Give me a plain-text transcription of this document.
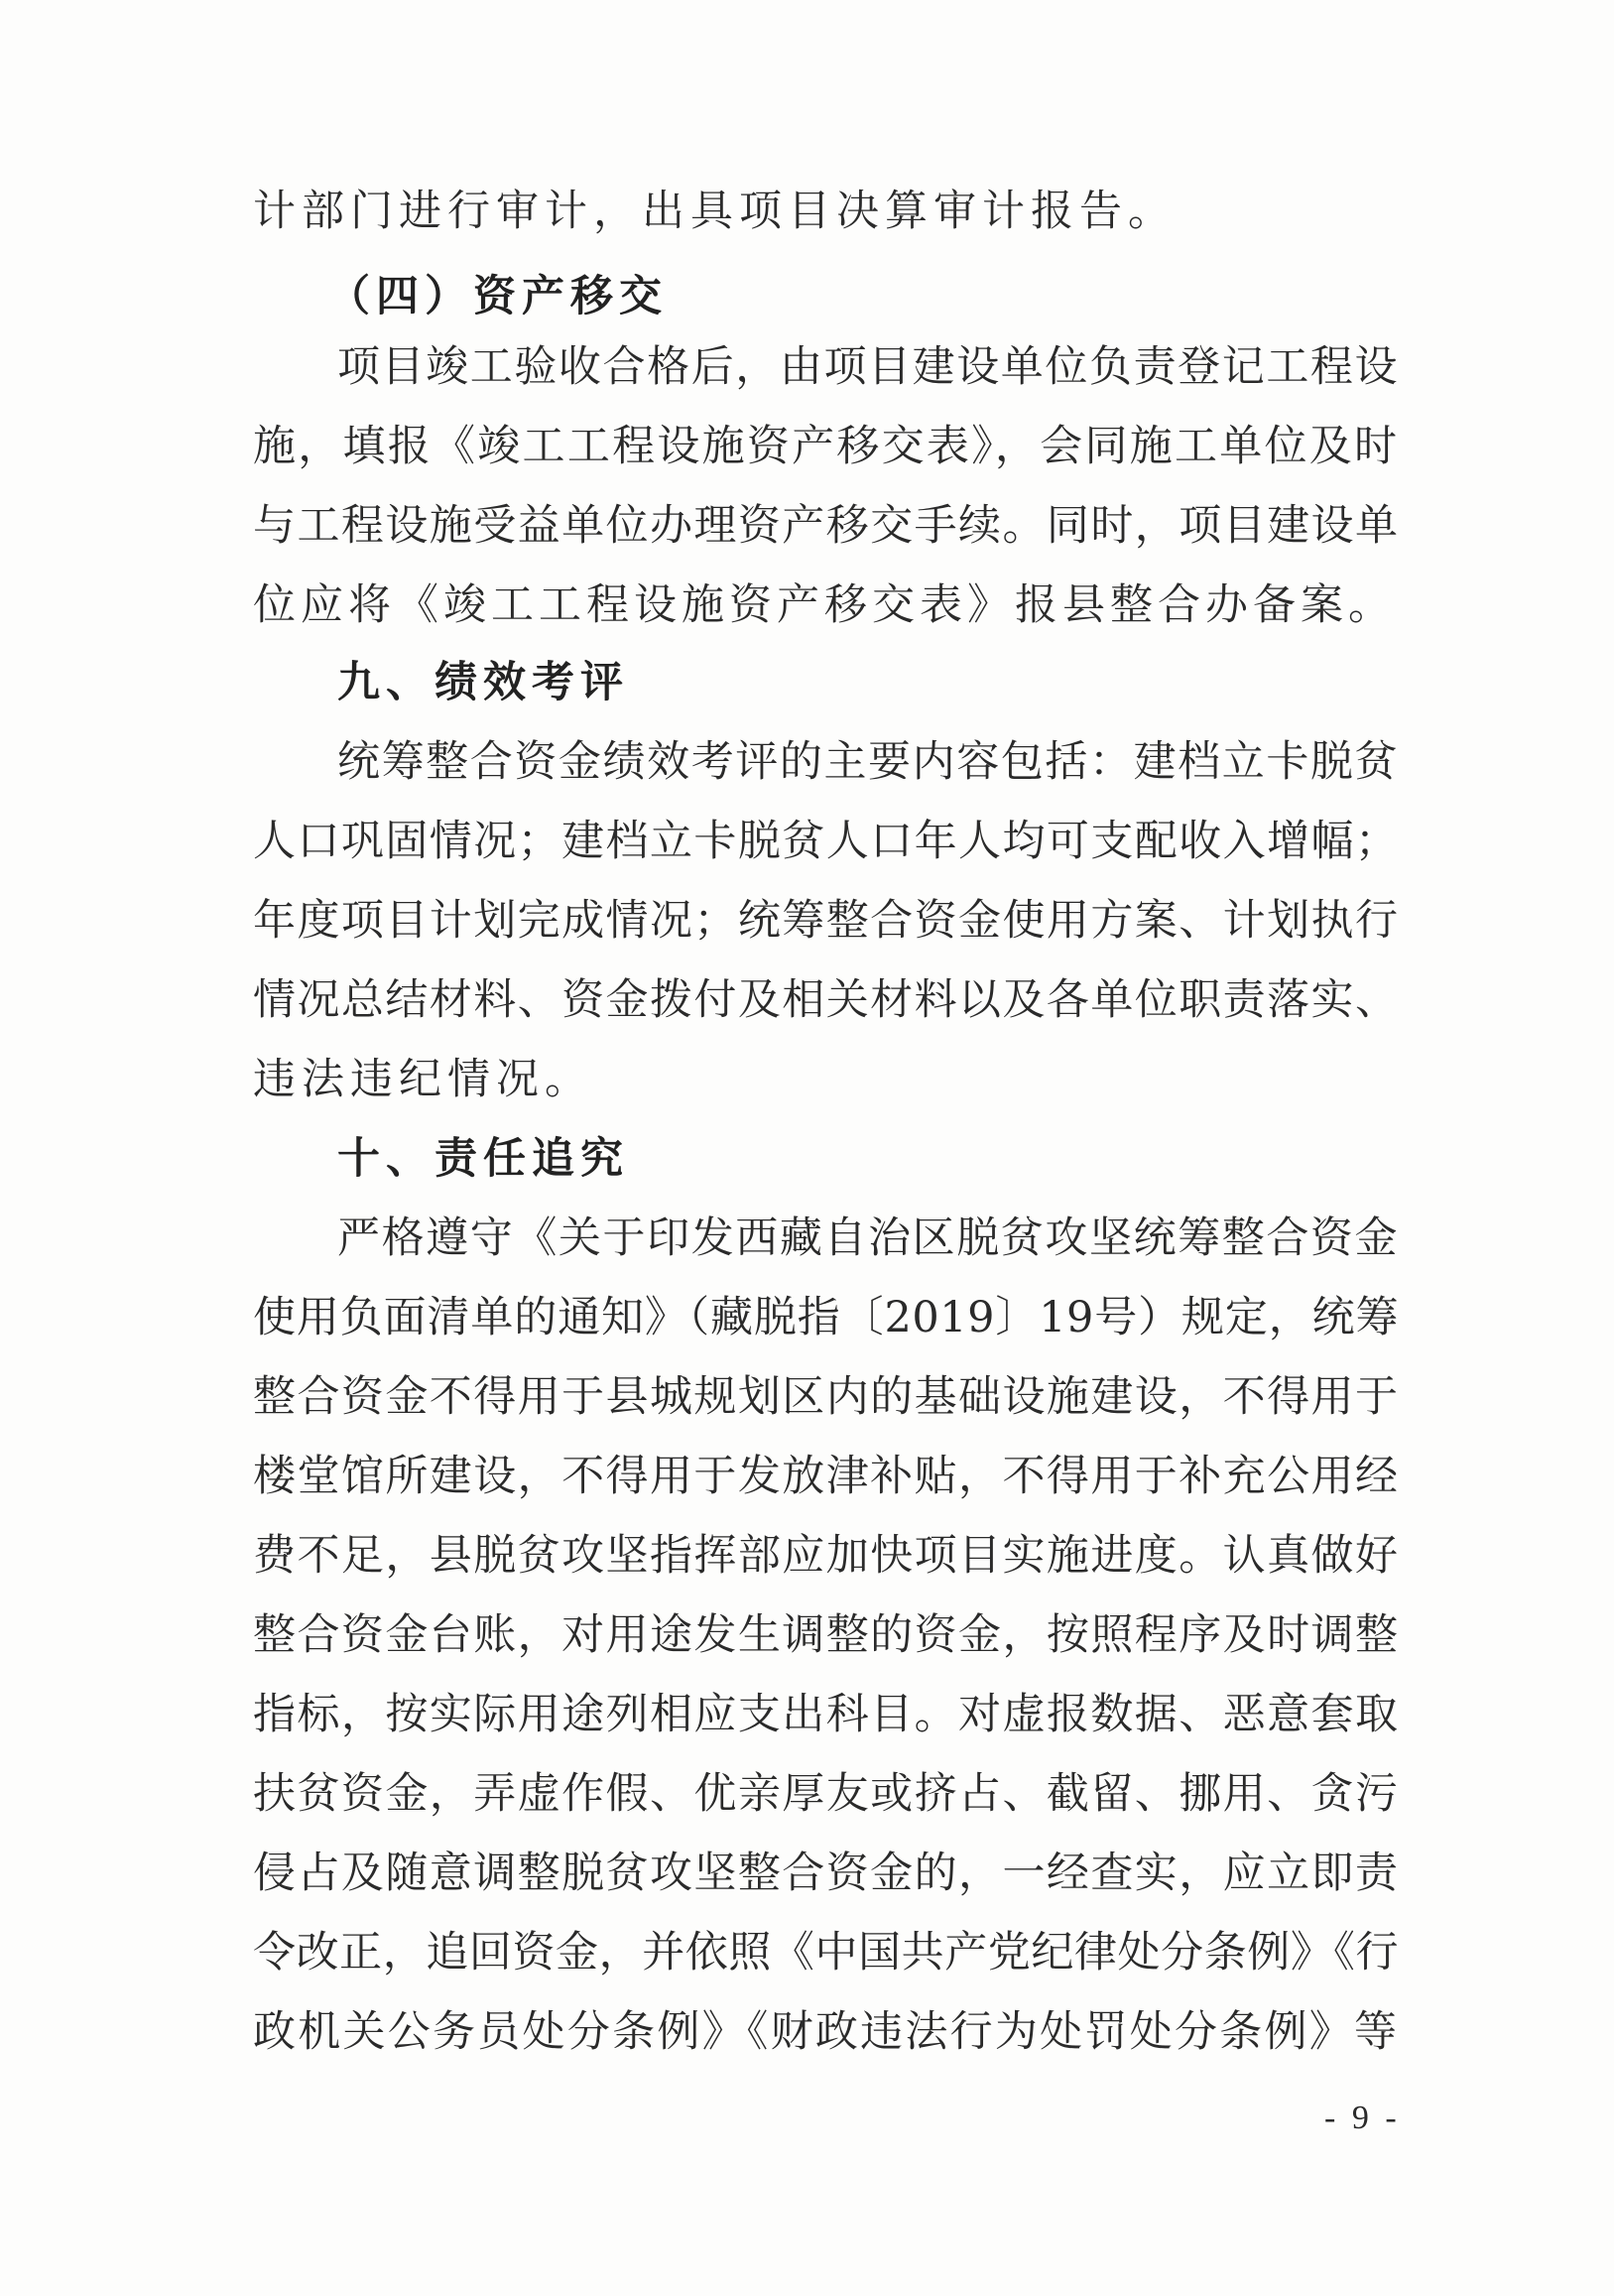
计部门进行审计，出具项目决算审计报告。
（四）资产移交
项目竣工验收合格后，由项目建设单位负责登记工程设
施，填报《竣工工程设施资产移交表》，会同施工单位及时
与工程设施受益单位办理资产移交手续。同时，项目建设单
位应将《竣工工程设施资产移交表》报县整合办备案。
九、绩效考评
统筹整合资金绩效考评的主要内容包括：建档立卡脱贫
人口巩固情况；建档立卡脱贫人口年人均可支配收入增幅；
年度项目计划完成情况；统筹整合资金使用方案、计划执行
情况总结材料、资金拨付及相关材料以及各单位职责落实、
违法违纪情况。
十、责任追究
严格遵守《关于印发西藏自治区脱贫攻坚统筹整合资金
使用负面清单的通知》（藏脱指〔2019〕19号）规定，统筹
整合资金不得用于县城规划区内的基础设施建设，不得用于
楼堂馆所建设，不得用于发放津补贴，不得用于补充公用经
费不足，县脱贫攻坚指挥部应加快项目实施进度。认真做好
整合资金台账，对用途发生调整的资金，按照程序及时调整
指标，按实际用途列相应支出科目。对虚报数据、恶意套取
扶贫资金，弄虚作假、优亲厚友或挤占、截留、挪用、贪污
侵占及随意调整脱贫攻坚整合资金的，一经查实，应立即责
令改正，追回资金，并依照《中国共产党纪律处分条例》《行
政机关公务员处分条例》《财政违法行为处罚处分条例》等
- 9 -
